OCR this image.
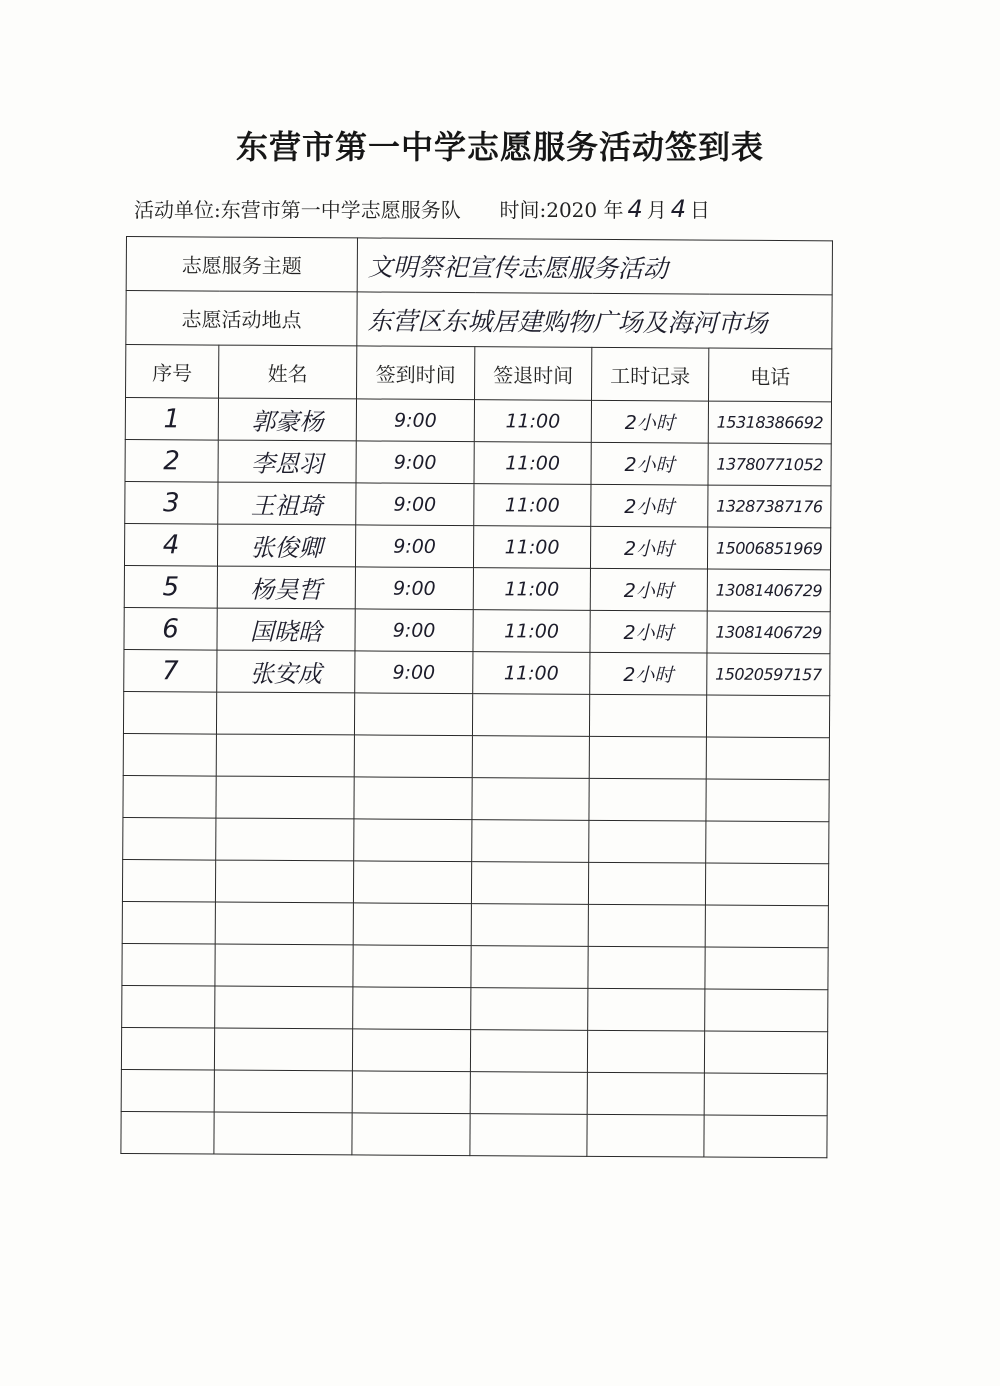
东营市第一中学志愿服务活动签到表
活动单位:东营市第一中学志愿服务队 时间:2020 年 4 月 4 日
志愿服务主题		文明祭祀宣传志愿服务活动			
志愿活动地点		东营区东城居建购物广场及海河市场			
序号	姓名	签到时间	签退时间	工时记录	电话
1	郭豪杨	9:00	11:00	2小时	15318386692
2	李恩羽	9:00	11:00	2小时	13780771052
3	王祖琦	9:00	11:00	2小时	13287387176
4	张俊卿	9:00	11:00	2小时	15006851969
5	杨昊哲	9:00	11:00	2小时	13081406729
6	国晓晗	9:00	11:00	2小时	13081406729
7	张安成	9:00	11:00	2小时	15020597157
